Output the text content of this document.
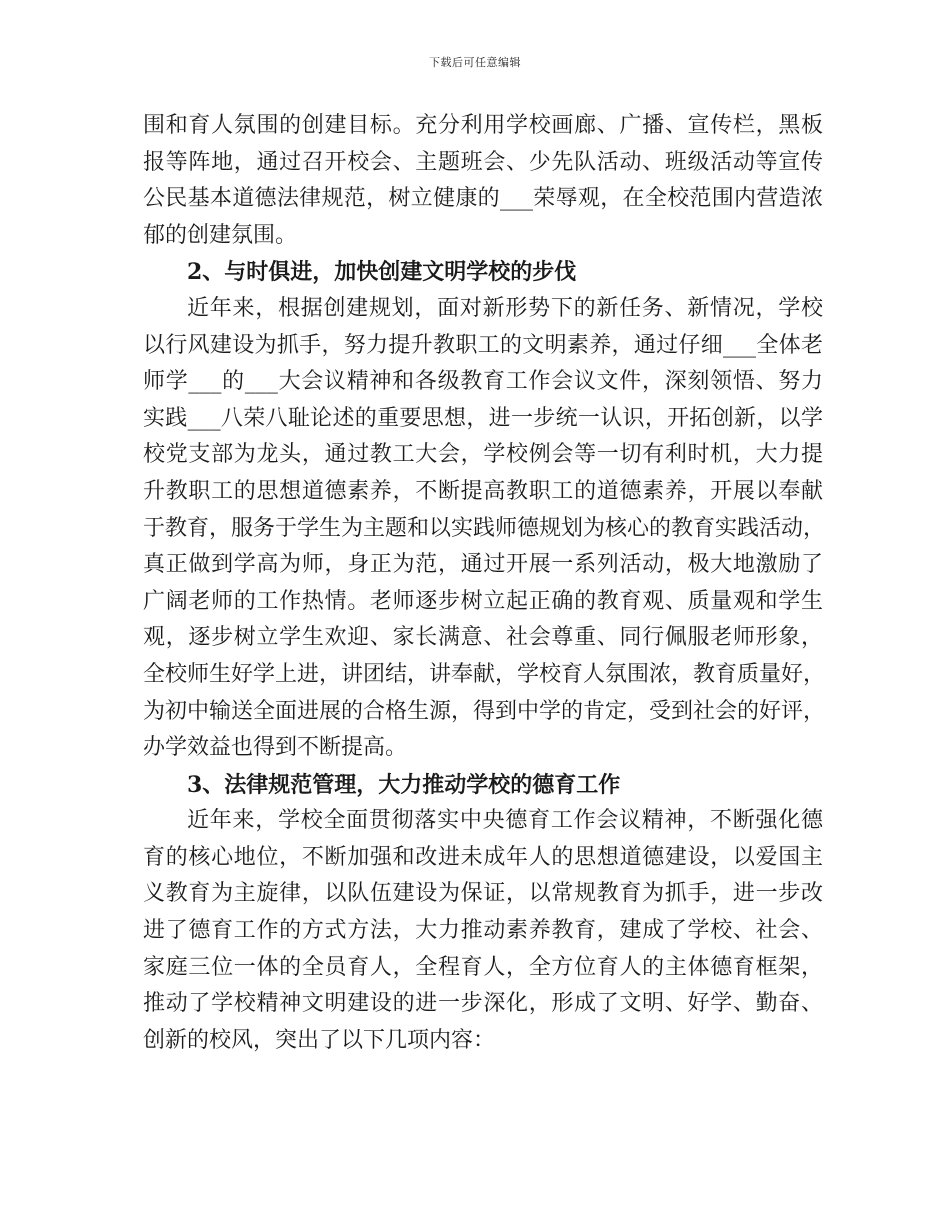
下载后可任意编辑
围和育人氛围的创建目标。充分利用学校画廊、广播、宣传栏，黑板
报等阵地，通过召开校会、主题班会、少先队活动、班级活动等宣传
公民基本道德法律规范，树立健康的___荣辱观，在全校范围内营造浓
郁的创建氛围。
2、与时俱进，加快创建文明学校的步伐
近年来，根据创建规划，面对新形势下的新任务、新情况，学校
以行风建设为抓手，努力提升教职工的文明素养，通过仔细___全体老
师学___的___大会议精神和各级教育工作会议文件，深刻领悟、努力
实践___八荣八耻论述的重要思想，进一步统一认识，开拓创新，以学
校党支部为龙头，通过教工大会，学校例会等一切有利时机，大力提
升教职工的思想道德素养，不断提高教职工的道德素养，开展以奉献
于教育，服务于学生为主题和以实践师德规划为核心的教育实践活动，
真正做到学高为师，身正为范，通过开展一系列活动，极大地激励了
广阔老师的工作热情。老师逐步树立起正确的教育观、质量观和学生
观，逐步树立学生欢迎、家长满意、社会尊重、同行佩服老师形象，
全校师生好学上进，讲团结，讲奉献，学校育人氛围浓，教育质量好，
为初中输送全面进展的合格生源，得到中学的肯定，受到社会的好评，
办学效益也得到不断提高。
3、法律规范管理，大力推动学校的德育工作
近年来，学校全面贯彻落实中央德育工作会议精神，不断强化德
育的核心地位，不断加强和改进未成年人的思想道德建设，以爱国主
义教育为主旋律，以队伍建设为保证，以常规教育为抓手，进一步改
进了德育工作的方式方法，大力推动素养教育，建成了学校、社会、
家庭三位一体的全员育人，全程育人，全方位育人的主体德育框架，
推动了学校精神文明建设的进一步深化，形成了文明、好学、勤奋、
创新的校风，突出了以下几项内容：
